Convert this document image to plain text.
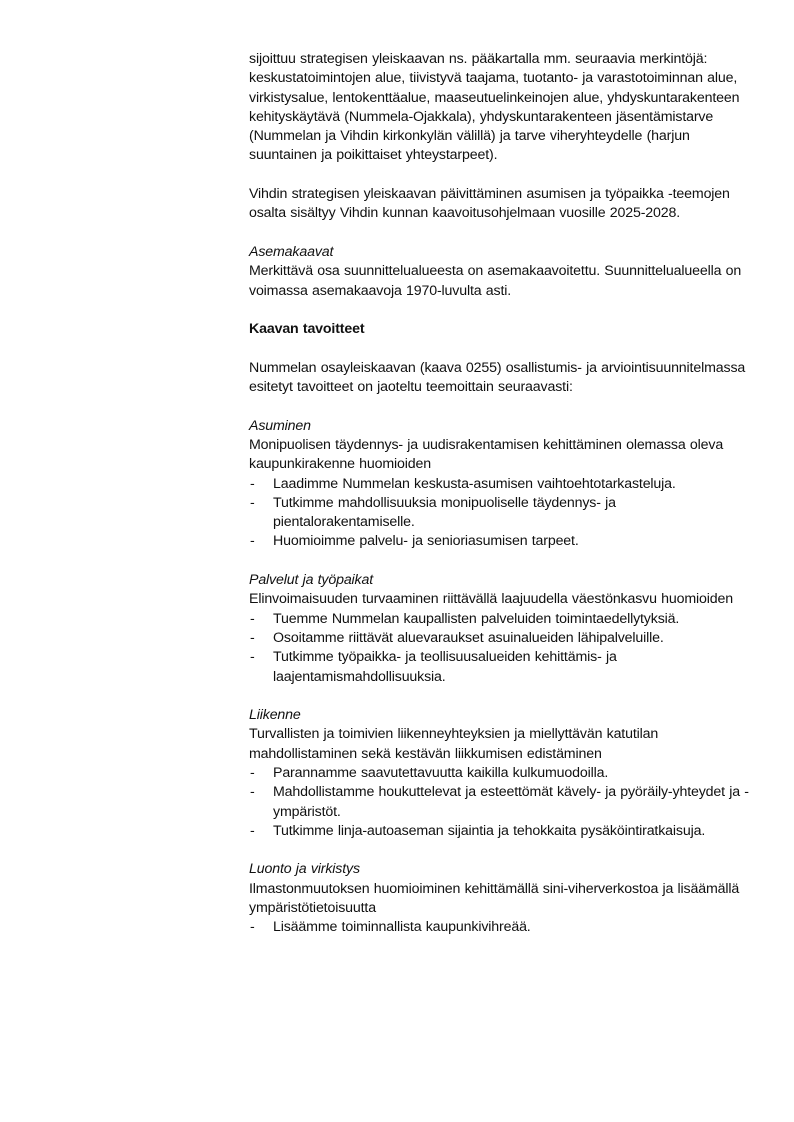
sijoittuu strategisen yleiskaavan ns. pääkartalla mm. seuraavia merkintöjä: keskustatoimintojen alue, tiivistyvä taajama, tuotanto- ja varastotoiminnan alue, virkistysalue, lentokenttäalue, maaseutuelinkeinojen alue, yhdyskuntarakenteen kehityskäytävä (Nummela-Ojakkala), yhdyskuntarakenteen jäsentämistarve (Nummelan ja Vihdin kirkonkylän välillä) ja tarve viheryhteydelle (harjun suuntainen ja poikittaiset yhteystarpeet).

Vihdin strategisen yleiskaavan päivittäminen asumisen ja työpaikka -teemojen osalta sisältyy Vihdin kunnan kaavoitusohjelmaan vuosille 2025-2028.

Asemakaavat

Merkittävä osa suunnittelualueesta on asemakaavoitettu. Suunnittelualueella on voimassa asemakaavoja 1970-luvulta asti.

Kaavan tavoitteet

Nummelan osayleiskaavan (kaava 0255) osallistumis- ja arviointisuunnitelmassa esitetyt tavoitteet on jaoteltu teemoittain seuraavasti:

Asuminen

Monipuolisen täydennys- ja uudisrakentamisen kehittäminen olemassa oleva kaupunkirakenne huomioiden

- Laadimme Nummelan keskusta-asumisen vaihtoehtotarkasteluja.
- Tutkimme mahdollisuuksia monipuoliselle täydennys- ja pientalorakentamiselle.
- Huomioimme palvelu- ja senioriasumisen tarpeet.

Palvelut ja työpaikat

Elinvoimaisuuden turvaaminen riittävällä laajuudella väestönkasvu huomioiden

- Tuemme Nummelan kaupallisten palveluiden toimintaedellytyksiä.
- Osoitamme riittävät aluevaraukset asuinalueiden lähipalveluille.
- Tutkimme työpaikka- ja teollisuusalueiden kehittämis- ja laajentamismahdollisuuksia.

Liikenne

Turvallisten ja toimivien liikenneyhteyksien ja miellyttävän katutilan mahdollistaminen sekä kestävän liikkumisen edistäminen

- Parannamme saavutettavuutta kaikilla kulkumuodoilla.
- Mahdollistamme houkuttelevat ja esteettömät kävely- ja pyöräily-yhteydet ja -ympäristöt.
- Tutkimme linja-autoaseman sijaintia ja tehokkaita pysäköintiratkaisuja.

Luonto ja virkistys

Ilmastonmuutoksen huomioiminen kehittämällä sini-viherverkostoa ja lisäämällä ympäristötietoisuutta

- Lisäämme toiminnallista kaupunkivihreää.
